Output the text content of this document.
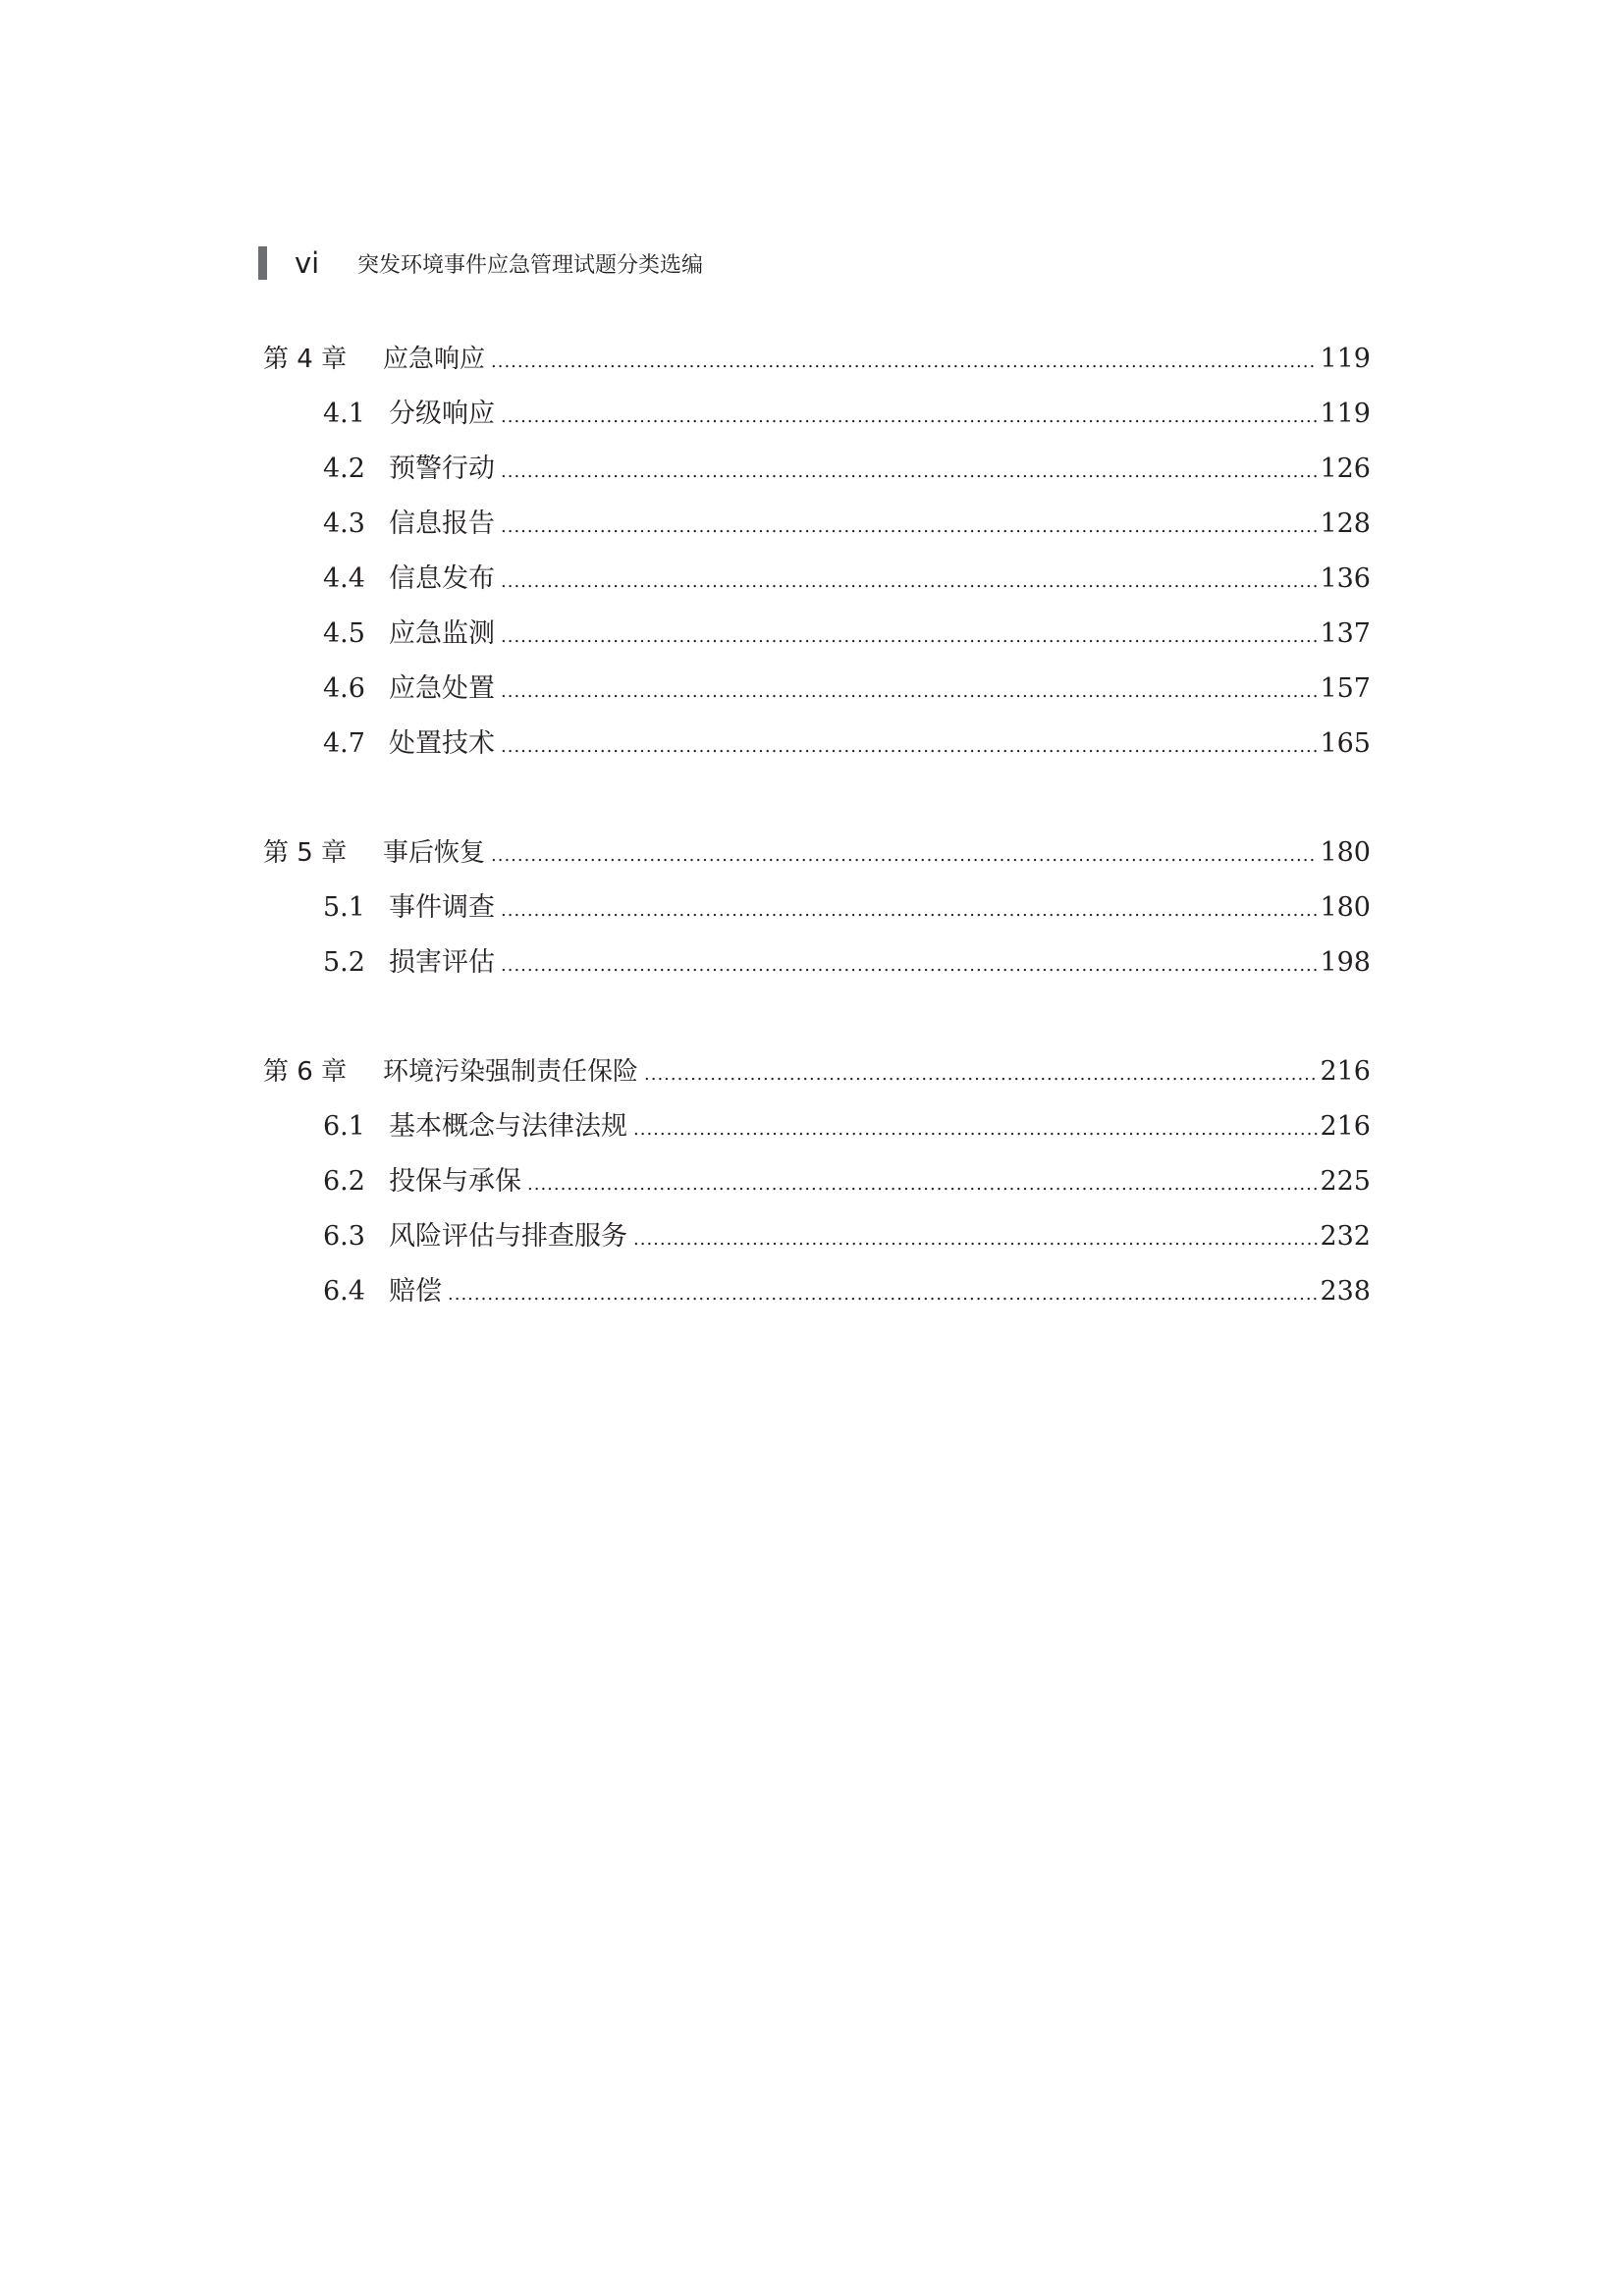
vi	突发环境事件应急管理试题分类选编
第 4 章	应急响应 .....	119
4.1 分级响应 .....	119
4.2 预警行动 .....	126
4.3 信息报告 .....	128
4.4 信息发布 .....	136
4.5 应急监测 .....	137
4.6 应急处置 .....	157
4.7 处置技术 .....	165
第 5 章	事后恢复 .....	180
5.1 事件调查 .....	180
5.2 损害评估 .....	198
第 6 章	环境污染强制责任保险 .....	216
6.1 基本概念与法律法规 .....	216
6.2 投保与承保 .....	225
6.3 风险评估与排查服务 .....	232
6.4 赔偿 .....	238
